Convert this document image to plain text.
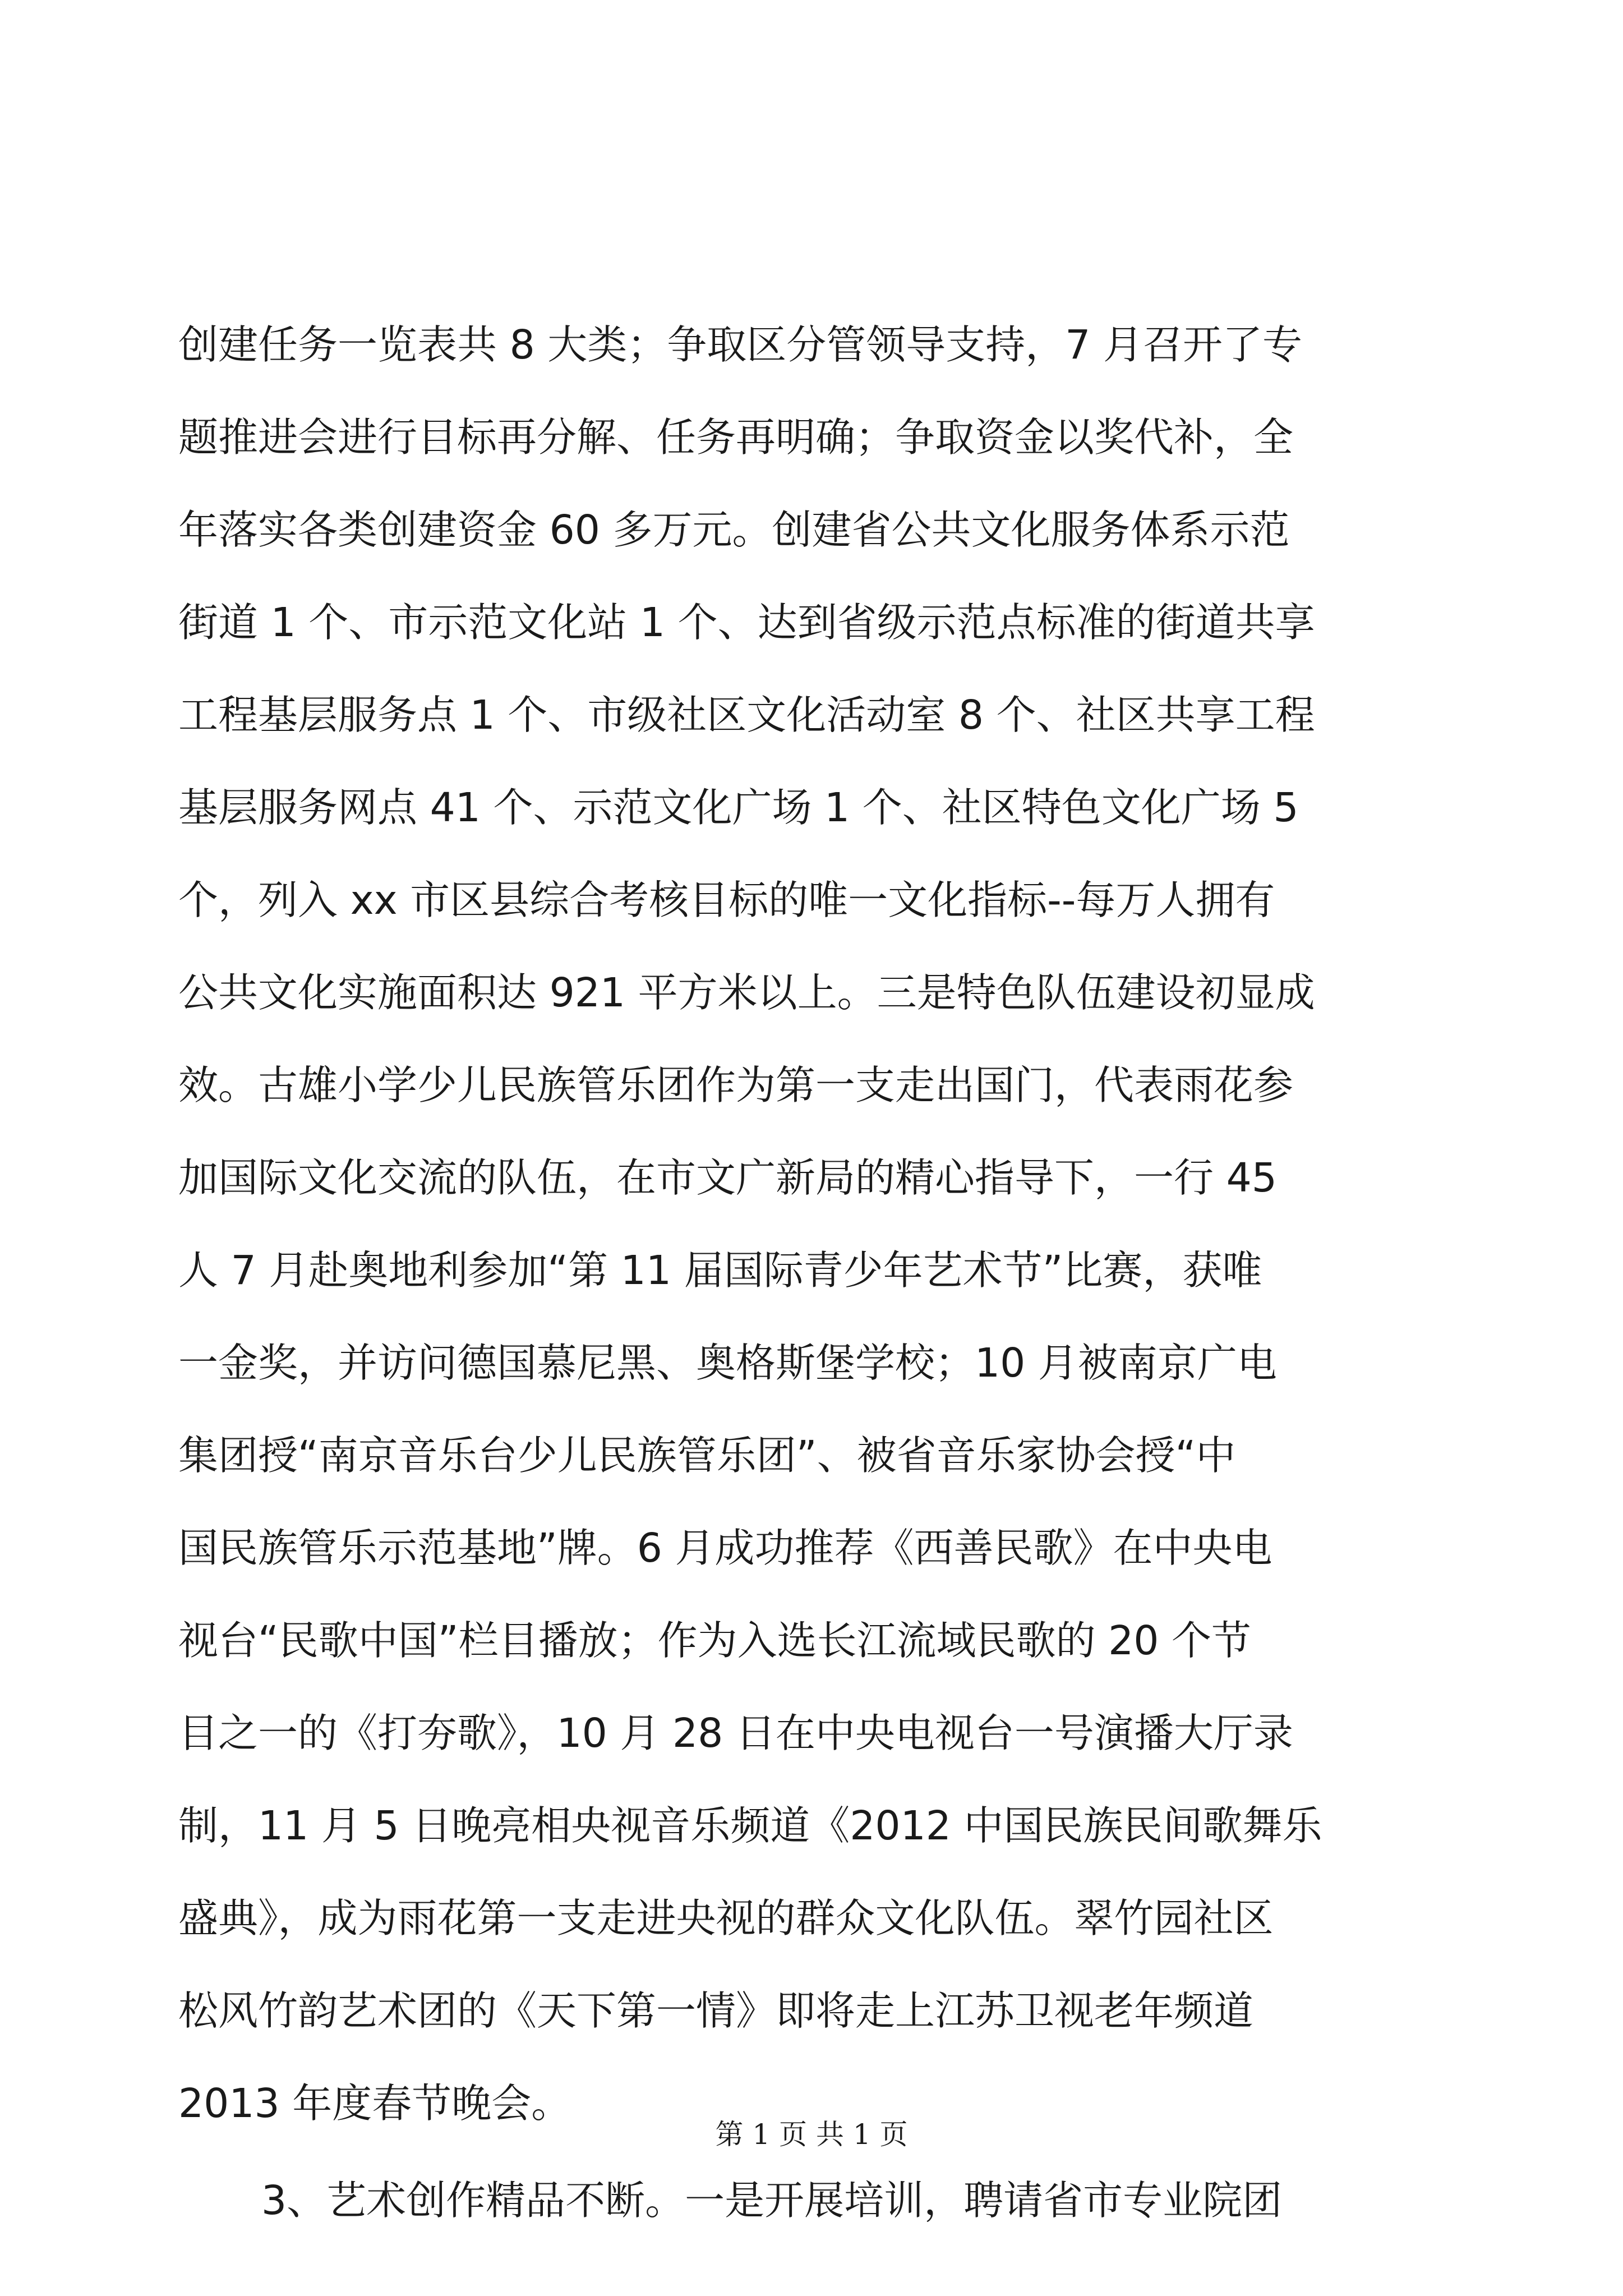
创建任务一览表共 8 大类；争取区分管领导支持，7 月召开了专
题推进会进行目标再分解、任务再明确；争取资金以奖代补，全
年落实各类创建资金 60 多万元。创建省公共文化服务体系示范
街道 1 个、市示范文化站 1 个、达到省级示范点标准的街道共享
工程基层服务点 1 个、市级社区文化活动室 8 个、社区共享工程
基层服务网点 41 个、示范文化广场 1 个、社区特色文化广场 5
个，列入 xx 市区县综合考核目标的唯一文化指标--每万人拥有
公共文化实施面积达 921 平方米以上。三是特色队伍建设初显成
效。古雄小学少儿民族管乐团作为第一支走出国门，代表雨花参
加国际文化交流的队伍，在市文广新局的精心指导下，一行 45
人 7 月赴奥地利参加“第 11 届国际青少年艺术节”比赛，获唯
一金奖，并访问德国慕尼黑、奥格斯堡学校；10 月被南京广电
集团授“南京音乐台少儿民族管乐团”、被省音乐家协会授“中
国民族管乐示范基地”牌。6 月成功推荐《西善民歌》在中央电
视台“民歌中国”栏目播放；作为入选长江流域民歌的 20 个节
目之一的《打夯歌》，10 月 28 日在中央电视台一号演播大厅录
制，11 月 5 日晚亮相央视音乐频道《2012 中国民族民间歌舞乐
盛典》，成为雨花第一支走进央视的群众文化队伍。翠竹园社区
松风竹韵艺术团的《天下第一情》即将走上江苏卫视老年频道
2013 年度春节晚会。
3、艺术创作精品不断。一是开展培训，聘请省市专业院团
第 1 页 共 1 页
